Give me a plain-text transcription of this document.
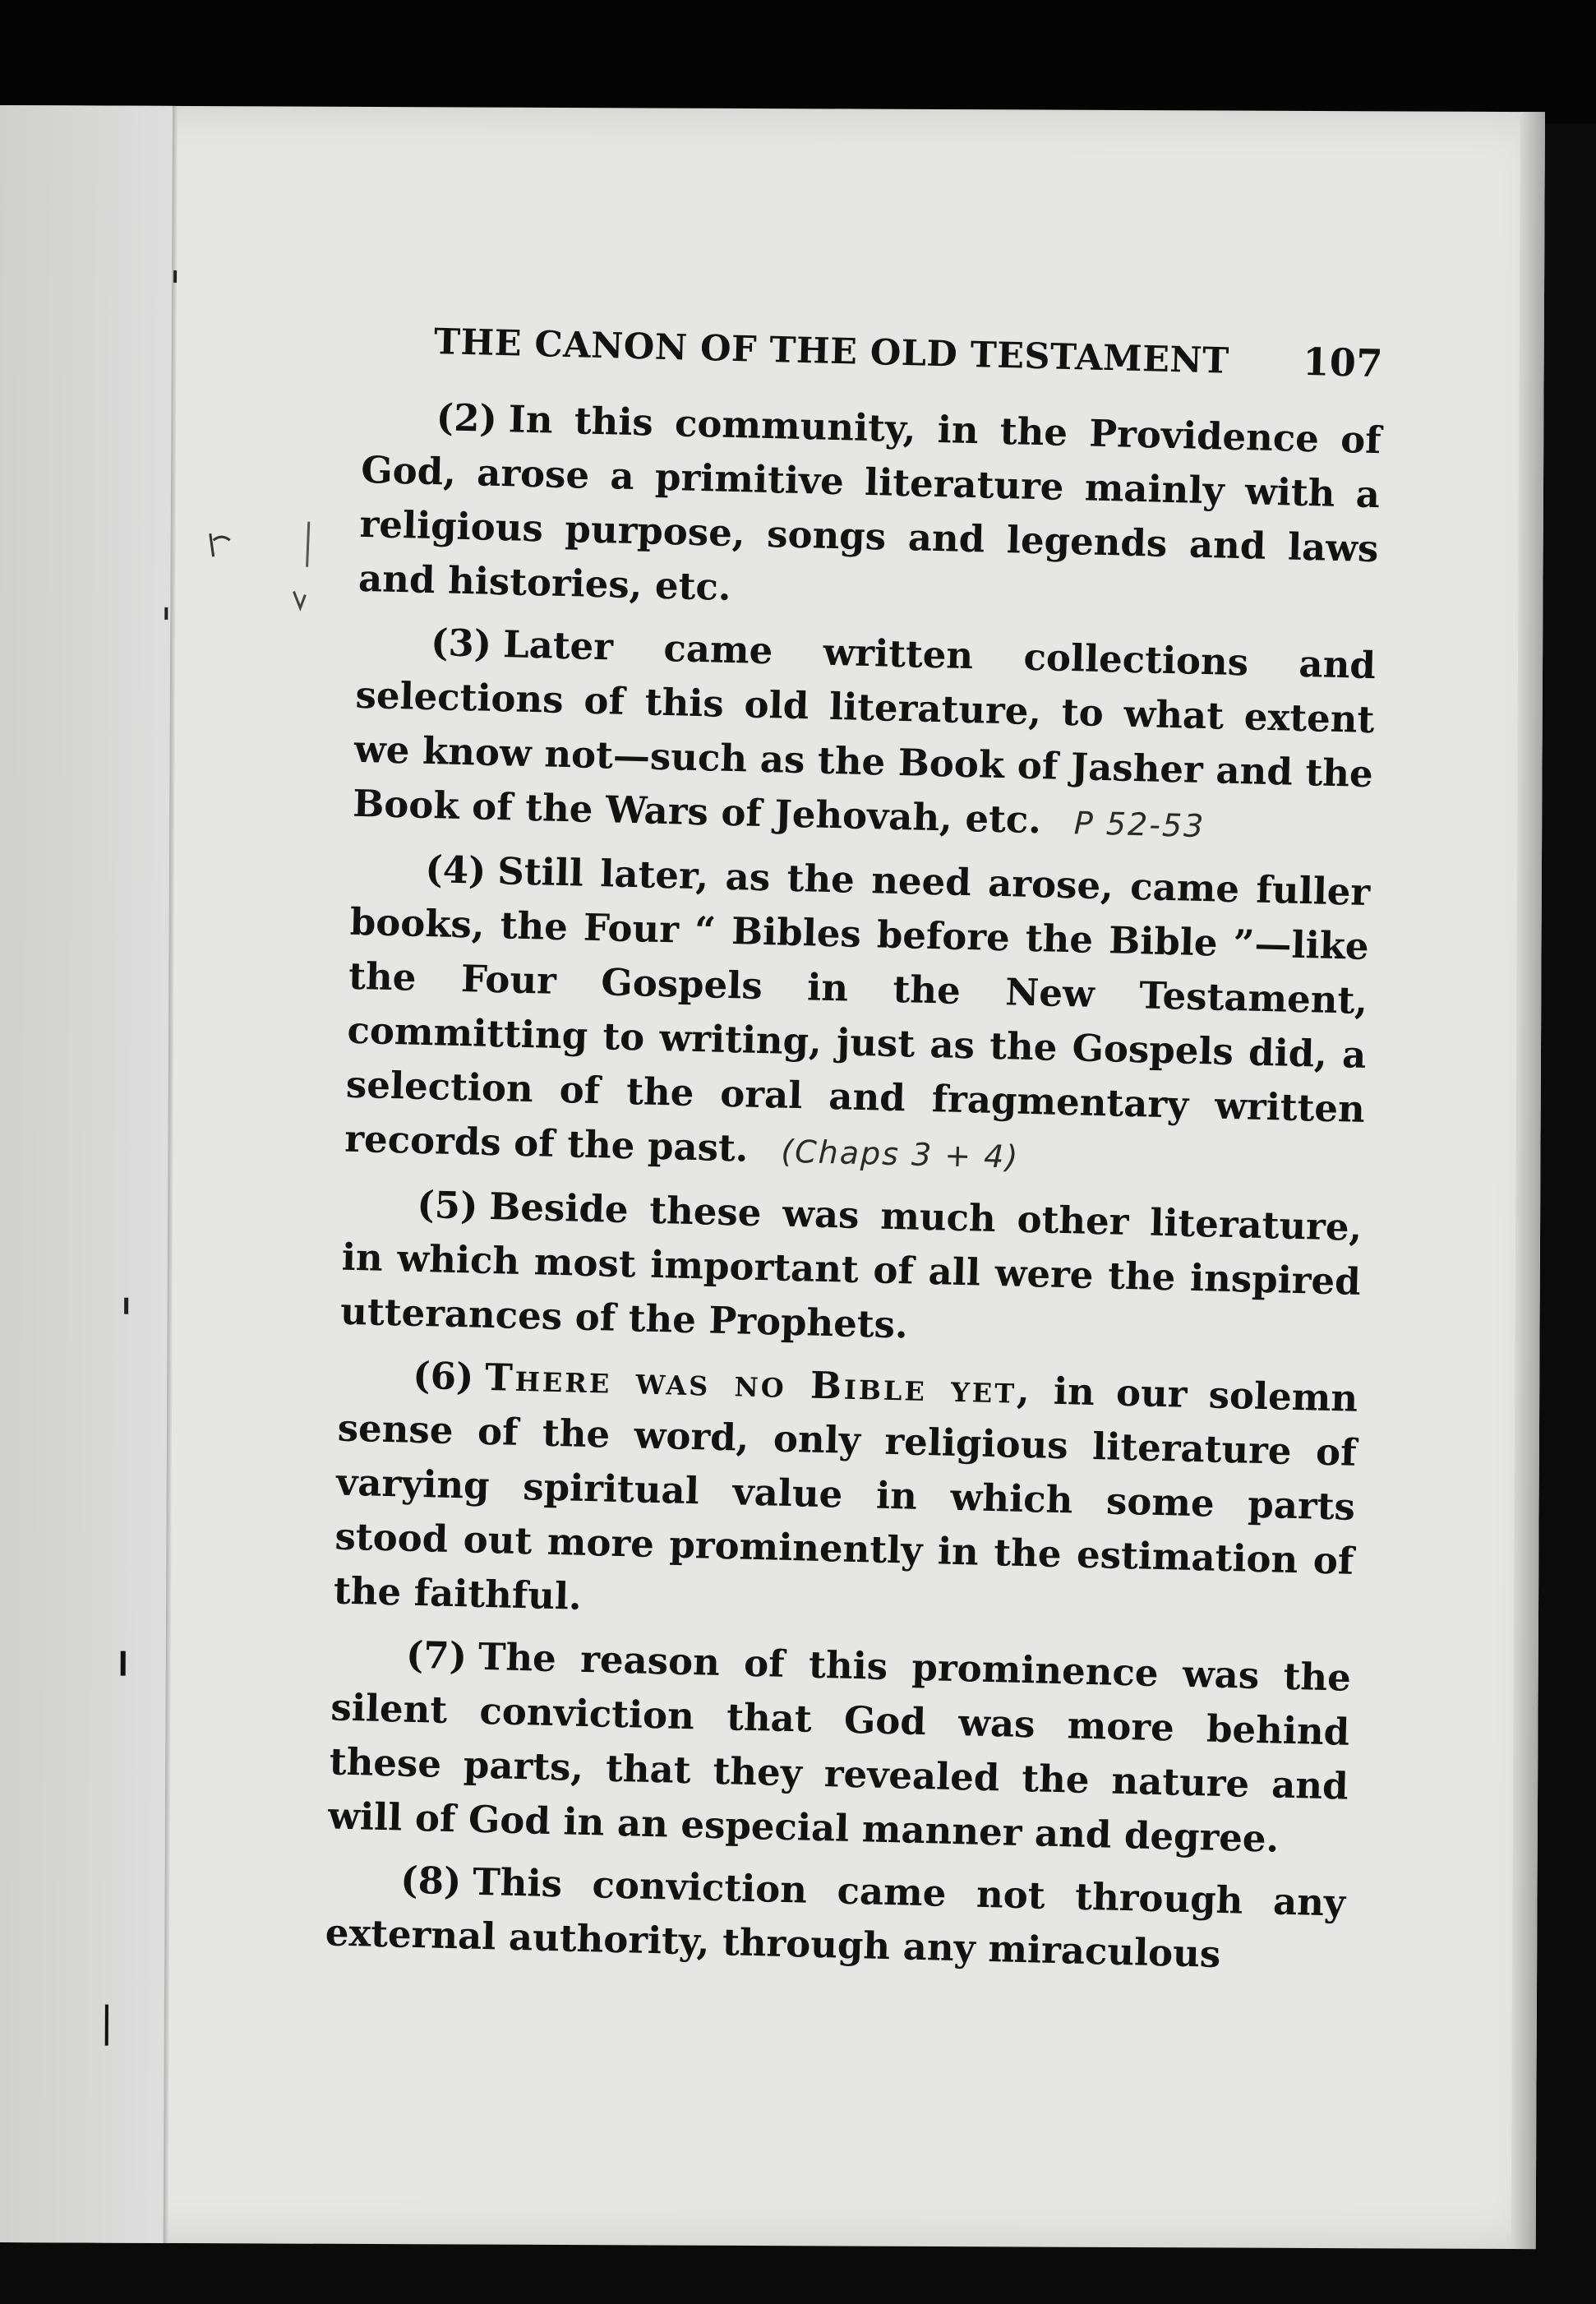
THE CANON OF THE OLD TESTAMENT 107

(2) In this community, in the Providence of God, arose a primitive literature mainly with a religious purpose, songs and legends and laws and histories, etc.

(3) Later came written collections and selections of this old literature, to what extent we know not—such as the Book of Jasher and the Book of the Wars of Jehovah, etc. P 52-53

(4) Still later, as the need arose, came fuller books, the Four “ Bibles before the Bible ”—like the Four Gospels in the New Testament, committing to writing, just as the Gospels did, a selection of the oral and fragmentary written records of the past. (Chaps 3 + 4)

(5) Beside these was much other literature, in which most important of all were the inspired utterances of the Prophets.

(6) There was no Bible yet, in our solemn sense of the word, only religious literature of varying spiritual value in which some parts stood out more prominently in the estimation of the faithful.

(7) The reason of this prominence was the silent conviction that God was more behind these parts, that they revealed the nature and will of God in an especial manner and degree.

(8) This conviction came not through any external authority, through any miraculous
